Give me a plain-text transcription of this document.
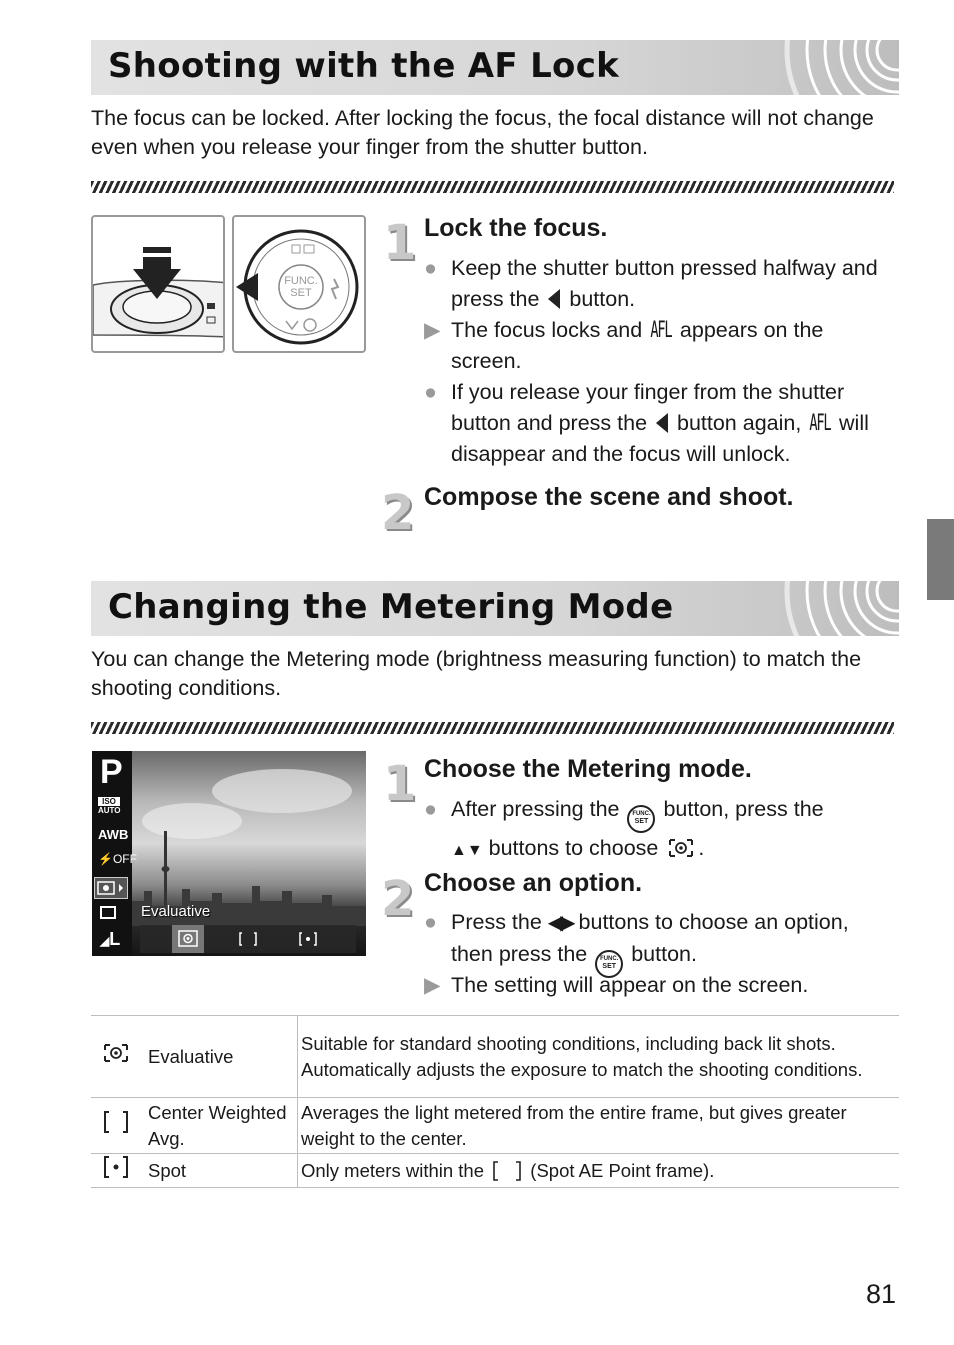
Shooting with the AF Lock
The focus can be locked. After locking the focus, the focal distance will not change even when you release your finger from the shutter button.
FUNC.
SET
1 Lock the focus.
● Keep the shutter button pressed halfway and press the  button.
▶ The focus locks and AFL appears on the screen.
● If you release your finger from the shutter button and press the  button again, AFL will disappear and the focus will unlock.
2 Compose the scene and shoot.
Changing the Metering Mode
You can change the Metering mode (brightness measuring function) to match the shooting conditions.
P
ISO
AUTO
AWB
⚡OFF
◢L
Evaluative
1 Choose the Metering mode.
● After pressing the	FUNC.
SET
button, press the
▲▼ buttons to choose .
2 Choose an option.
● Press the ◀▶ buttons to choose an option, then press the	FUNC.
SET
button.
▶ The setting will appear on the screen.
	Evaluative	Suitable for standard shooting conditions, including back lit shots. Automatically adjusts the exposure to match the shooting conditions.
	Center Weighted Avg.	Averages the light metered from the entire frame, but gives greater weight to the center.
	Spot	Only meters within the  (Spot AE Point frame).
81
